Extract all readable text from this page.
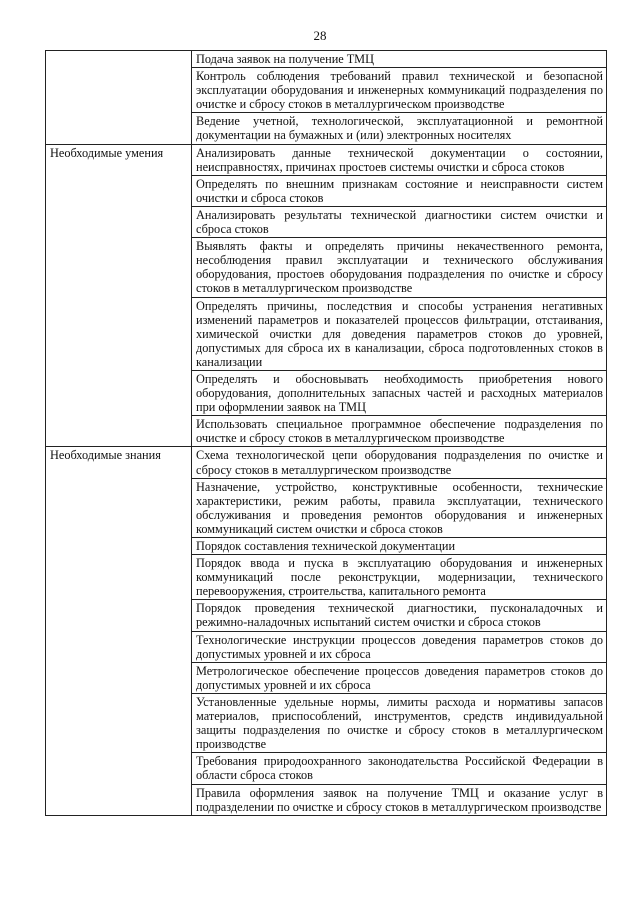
28
	Подача заявок на получение ТМЦ
	Контроль соблюдения требований правил технической и безопасной эксплуатации оборудования и инженерных коммуникаций подразделения по очистке и сбросу стоков в металлургическом производстве
	Ведение учетной, технологической, эксплуатационной и ремонтной документации на бумажных и (или) электронных носителях
Необходимые умения	Анализировать данные технической документации о состоянии, неисправностях, причинах простоев системы очистки и сброса стоков
	Определять по внешним признакам состояние и неисправности систем очистки и сброса стоков
	Анализировать результаты технической диагностики систем очистки и сброса стоков
	Выявлять факты и определять причины некачественного ремонта, несоблюдения правил эксплуатации и технического обслуживания оборудования, простоев оборудования подразделения по очистке и сбросу стоков в металлургическом производстве
	Определять причины, последствия и способы устранения негативных изменений параметров и показателей процессов фильтрации, отстаивания, химической очистки для доведения параметров стоков до уровней, допустимых для сброса их в канализации, сброса подготовленных стоков в канализации
	Определять и обосновывать необходимость приобретения нового оборудования, дополнительных запасных частей и расходных материалов при оформлении заявок на ТМЦ
	Использовать специальное программное обеспечение подразделения по очистке и сбросу стоков в металлургическом производстве
Необходимые знания	Схема технологической цепи оборудования подразделения по очистке и сбросу стоков в металлургическом производстве
	Назначение, устройство, конструктивные особенности, технические характеристики, режим работы, правила эксплуатации, технического обслуживания и проведения ремонтов оборудования и инженерных коммуникаций систем очистки и сброса стоков
	Порядок составления технической документации
	Порядок ввода и пуска в эксплуатацию оборудования и инженерных коммуникаций после реконструкции, модернизации, технического перевооружения, строительства, капитального ремонта
	Порядок проведения технической диагностики, пусконаладочных и режимно-наладочных испытаний систем очистки и сброса стоков
	Технологические инструкции процессов доведения параметров стоков до допустимых уровней и их сброса
	Метрологическое обеспечение процессов доведения параметров стоков до допустимых уровней и их сброса
	Установленные удельные нормы, лимиты расхода и нормативы запасов материалов, приспособлений, инструментов, средств индивидуальной защиты подразделения по очистке и сбросу стоков в металлургическом производстве
	Требования природоохранного законодательства Российской Федерации в области сброса стоков
	Правила оформления заявок на получение ТМЦ и оказание услуг в подразделении по очистке и сбросу стоков в металлургическом производстве
